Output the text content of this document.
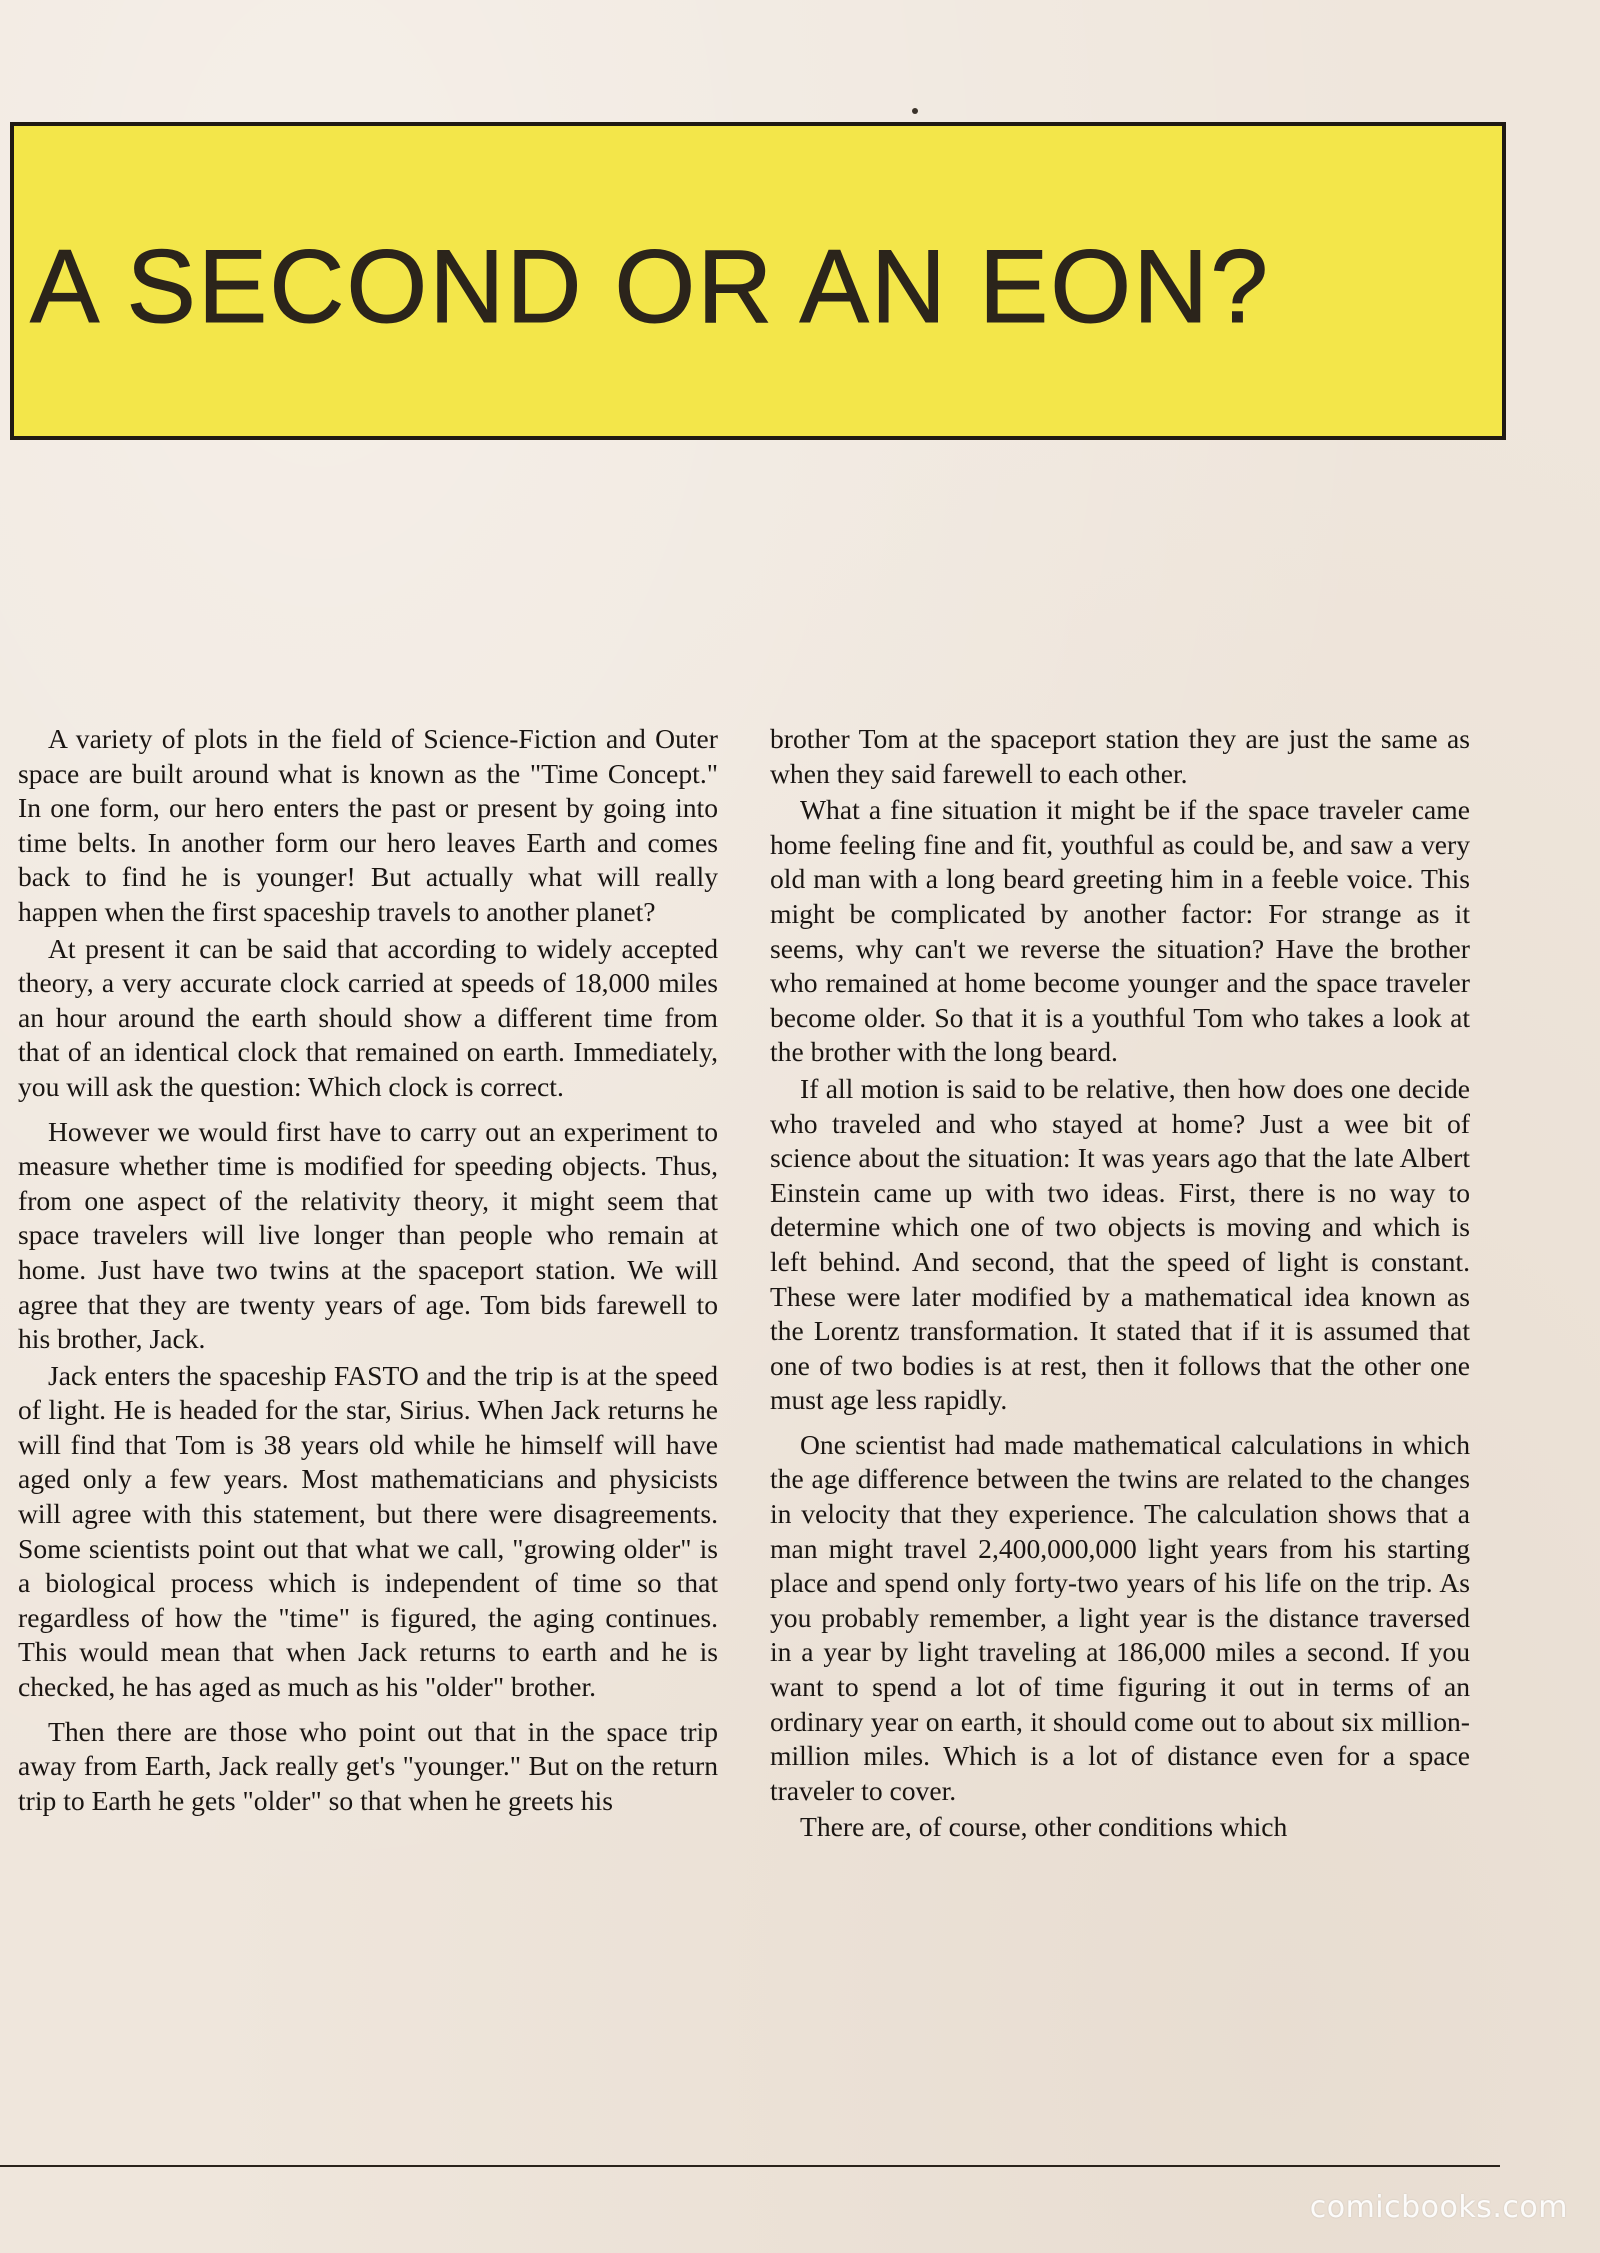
A SECOND OR AN EON?

A variety of plots in the field of Science-Fiction and Outer space are built around what is known as the "Time Concept." In one form, our hero enters the past or present by going into time belts. In another form our hero leaves Earth and comes back to find he is younger! But actually what will really happen when the first spaceship travels to another planet?

At present it can be said that according to widely accepted theory, a very accurate clock carried at speeds of 18,000 miles an hour around the earth should show a different time from that of an identical clock that remained on earth. Immediately, you will ask the question: Which clock is correct.

However we would first have to carry out an experiment to measure whether time is modified for speeding objects. Thus, from one aspect of the relativity theory, it might seem that space travelers will live longer than people who remain at home. Just have two twins at the spaceport station. We will agree that they are twenty years of age. Tom bids farewell to his brother, Jack.

Jack enters the spaceship FASTO and the trip is at the speed of light. He is headed for the star, Sirius. When Jack returns he will find that Tom is 38 years old while he himself will have aged only a few years. Most mathematicians and physicists will agree with this statement, but there were disagreements. Some scientists point out that what we call, "growing older" is a biological process which is independent of time so that regardless of how the "time" is figured, the aging continues. This would mean that when Jack returns to earth and he is checked, he has aged as much as his "older" brother.

Then there are those who point out that in the space trip away from Earth, Jack really get's "younger." But on the return trip to Earth he gets "older" so that when he greets his

brother Tom at the spaceport station they are just the same as when they said farewell to each other.

What a fine situation it might be if the space traveler came home feeling fine and fit, youthful as could be, and saw a very old man with a long beard greeting him in a feeble voice. This might be complicated by another factor: For strange as it seems, why can't we reverse the situation? Have the brother who remained at home become younger and the space traveler become older. So that it is a youthful Tom who takes a look at the brother with the long beard.

If all motion is said to be relative, then how does one decide who traveled and who stayed at home? Just a wee bit of science about the situation: It was years ago that the late Albert Einstein came up with two ideas. First, there is no way to determine which one of two objects is moving and which is left behind. And second, that the speed of light is constant. These were later modified by a mathematical idea known as the Lorentz transformation. It stated that if it is assumed that one of two bodies is at rest, then it follows that the other one must age less rapidly.

One scientist had made mathematical calculations in which the age difference between the twins are related to the changes in velocity that they experience. The calculation shows that a man might travel 2,400,000,000 light years from his starting place and spend only forty-two years of his life on the trip. As you probably remember, a light year is the distance traversed in a year by light traveling at 186,000 miles a second. If you want to spend a lot of time figuring it out in terms of an ordinary year on earth, it should come out to about six million-million miles. Which is a lot of distance even for a space traveler to cover.

There are, of course, other conditions which

comicbooks.com
